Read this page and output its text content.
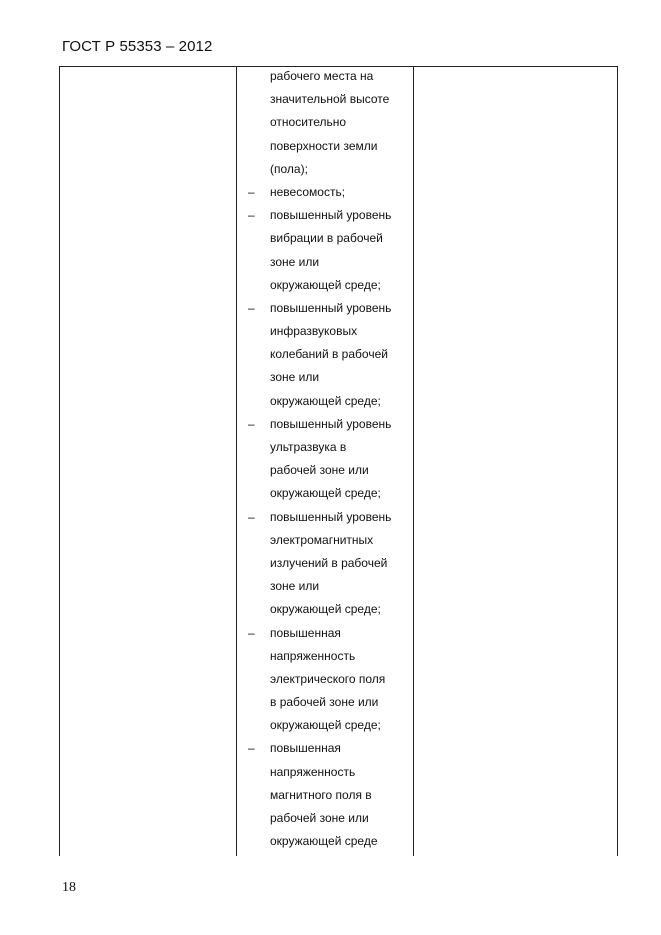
ГОСТ Р 55353 – 2012
рабочего места на
значительной высоте
относительно
поверхности земли
(пола);
– невесомость;
– повышенный уровень
вибрации в рабочей
зоне или
окружающей среде;
– повышенный уровень
инфразвуковых
колебаний в рабочей
зоне или
окружающей среде;
– повышенный уровень
ультразвука в
рабочей зоне или
окружающей среде;
– повышенный уровень
электромагнитных
излучений в рабочей
зоне или
окружающей среде;
– повышенная
напряженность
электрического поля
в рабочей зоне или
окружающей среде;
– повышенная
напряженность
магнитного поля в
рабочей зоне или
окружающей среде
18
